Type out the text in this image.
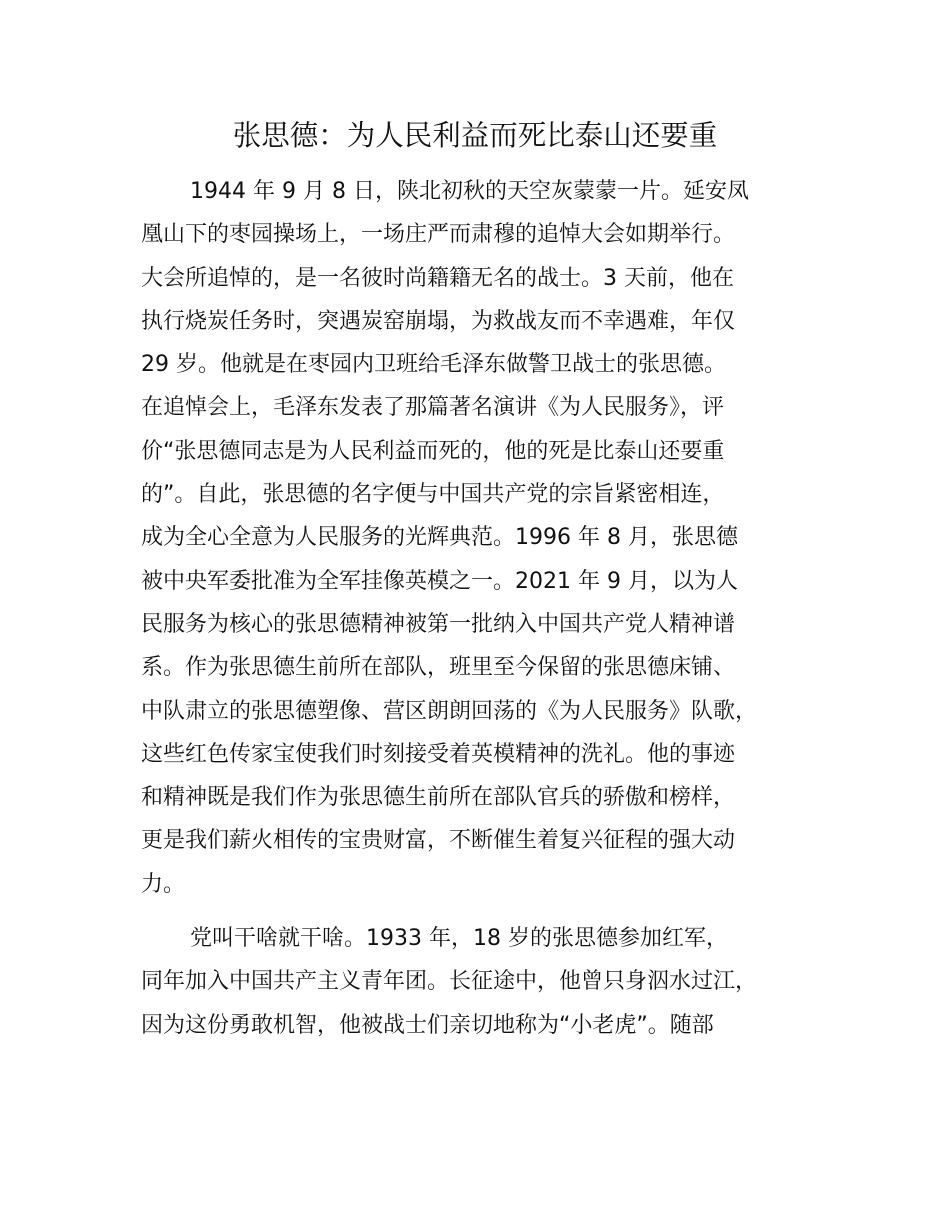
张思德：为人民利益而死比泰山还要重
1944 年 9 月 8 日，陕北初秋的天空灰蒙蒙一片。延安凤
凰山下的枣园操场上，一场庄严而肃穆的追悼大会如期举行。
大会所追悼的，是一名彼时尚籍籍无名的战士。3 天前，他在
执行烧炭任务时，突遇炭窑崩塌，为救战友而不幸遇难，年仅
29 岁。他就是在枣园内卫班给毛泽东做警卫战士的张思德。
在追悼会上，毛泽东发表了那篇著名演讲《为人民服务》，评
价“张思德同志是为人民利益而死的，他的死是比泰山还要重
的”。自此，张思德的名字便与中国共产党的宗旨紧密相连，
成为全心全意为人民服务的光辉典范。1996 年 8 月，张思德
被中央军委批准为全军挂像英模之一。2021 年 9 月，以为人
民服务为核心的张思德精神被第一批纳入中国共产党人精神谱
系。作为张思德生前所在部队，班里至今保留的张思德床铺、
中队肃立的张思德塑像、营区朗朗回荡的《为人民服务》队歌，
这些红色传家宝使我们时刻接受着英模精神的洗礼。他的事迹
和精神既是我们作为张思德生前所在部队官兵的骄傲和榜样，
更是我们薪火相传的宝贵财富，不断催生着复兴征程的强大动
力。
党叫干啥就干啥。1933 年，18 岁的张思德参加红军，
同年加入中国共产主义青年团。长征途中，他曾只身泅水过江，
因为这份勇敢机智，他被战士们亲切地称为“小老虎”。随部
